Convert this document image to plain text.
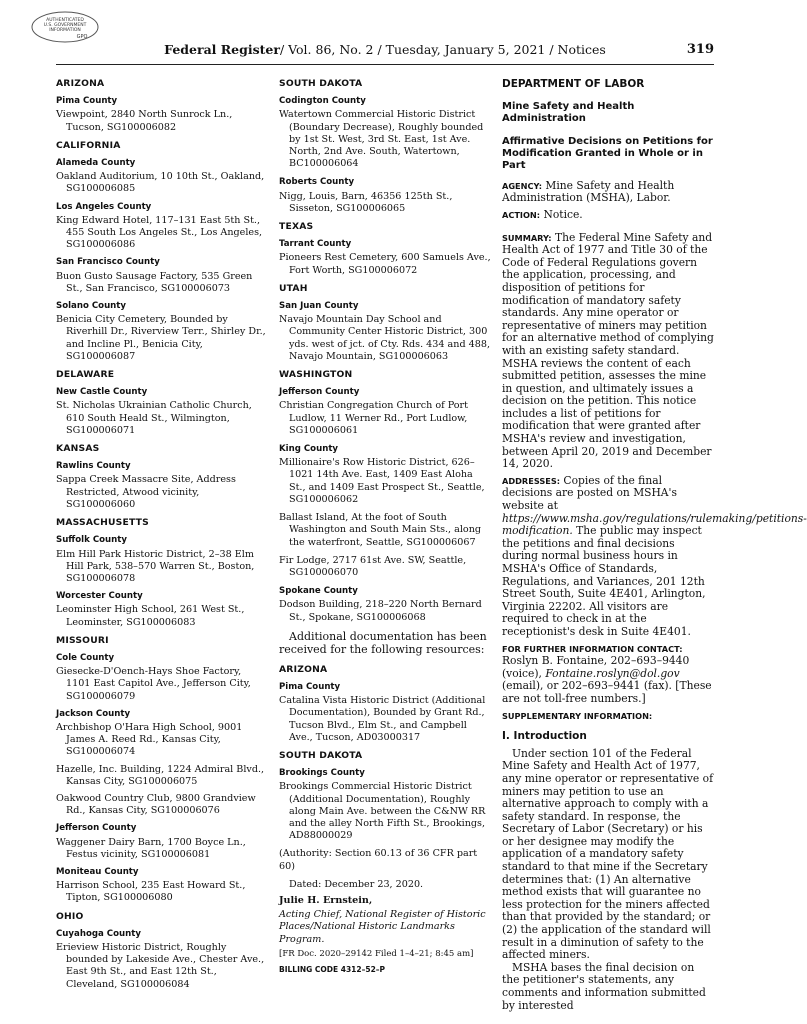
AUTHENTICATED
U.S. GOVERNMENT
INFORMATION
GPO
Federal Register/ Vol. 86, No. 2 / Tuesday, January 5, 2021 / Notices	319
ARIZONA
Pima County

Viewpoint, 2840 North Sunrock Ln., Tucson, SG100006082

CALIFORNIA
Alameda County

Oakland Auditorium, 10 10th St., Oakland, SG100006085

Los Angeles County

King Edward Hotel, 117–131 East 5th St., 455 South Los Angeles St., Los Angeles, SG100006086

San Francisco County

Buon Gusto Sausage Factory, 535 Green St., San Francisco, SG100006073

Solano County

Benicia City Cemetery, Bounded by Riverhill Dr., Riverview Terr., Shirley Dr., and Incline Pl., Benicia City, SG100006087

DELAWARE
New Castle County

St. Nicholas Ukrainian Catholic Church, 610 South Heald St., Wilmington, SG100006071

KANSAS
Rawlins County

Sappa Creek Massacre Site, Address Restricted, Atwood vicinity, SG100006060

MASSACHUSETTS
Suffolk County

Elm Hill Park Historic District, 2–38 Elm Hill Park, 538–570 Warren St., Boston, SG100006078

Worcester County

Leominster High School, 261 West St., Leominster, SG100006083

MISSOURI
Cole County

Giesecke-D'Oench-Hays Shoe Factory, 1101 East Capitol Ave., Jefferson City, SG100006079

Jackson County

Archbishop O'Hara High School, 9001 James A. Reed Rd., Kansas City, SG100006074

Hazelle, Inc. Building, 1224 Admiral Blvd., Kansas City, SG100006075

Oakwood Country Club, 9800 Grandview Rd., Kansas City, SG100006076

Jefferson County

Waggener Dairy Barn, 1700 Boyce Ln., Festus vicinity, SG100006081

Moniteau County

Harrison School, 235 East Howard St., Tipton, SG100006080

OHIO
Cuyahoga County

Erieview Historic District, Roughly bounded by Lakeside Ave., Chester Ave., East 9th St., and East 12th St., Cleveland, SG100006084

SOUTH DAKOTA
Codington County

Watertown Commercial Historic District (Boundary Decrease), Roughly bounded by 1st St. West, 3rd St. East, 1st Ave. North, 2nd Ave. South, Watertown, BC100006064

Roberts County

Nigg, Louis, Barn, 46356 125th St., Sisseton, SG100006065

TEXAS
Tarrant County

Pioneers Rest Cemetery, 600 Samuels Ave., Fort Worth, SG100006072

UTAH
San Juan County

Navajo Mountain Day School and Community Center Historic District, 300 yds. west of jct. of Cty. Rds. 434 and 488, Navajo Mountain, SG100006063

WASHINGTON
Jefferson County

Christian Congregation Church of Port Ludlow, 11 Werner Rd., Port Ludlow, SG100006061

King County

Millionaire's Row Historic District, 626–1021 14th Ave. East, 1409 East Aloha St., and 1409 East Prospect St., Seattle, SG100006062

Ballast Island, At the foot of South Washington and South Main Sts., along the waterfront, Seattle, SG100006067

Fir Lodge, 2717 61st Ave. SW, Seattle, SG100006070

Spokane County

Dodson Building, 218–220 North Bernard St., Spokane, SG100006068

Additional documentation has been received for the following resources:

ARIZONA
Pima County

Catalina Vista Historic District (Additional Documentation), Bounded by Grant Rd., Tucson Blvd., Elm St., and Campbell Ave., Tucson, AD03000317

SOUTH DAKOTA
Brookings County

Brookings Commercial Historic District (Additional Documentation), Roughly along Main Ave. between the C&NW RR and the alley North Fifth St., Brookings, AD88000029

(Authority: Section 60.13 of 36 CFR part 60)

Dated: December 23, 2020.

Julie H. Ernstein,

Acting Chief, National Register of Historic Places/National Historic Landmarks Program.

[FR Doc. 2020–29142 Filed 1–4–21; 8:45 am]

BILLING CODE 4312–52–P
DEPARTMENT OF LABOR
Mine Safety and Health Administration
Affirmative Decisions on Petitions for Modification Granted in Whole or in Part

AGENCY: Mine Safety and Health Administration (MSHA), Labor.

ACTION: Notice.

SUMMARY: The Federal Mine Safety and Health Act of 1977 and Title 30 of the Code of Federal Regulations govern the application, processing, and disposition of petitions for modification of mandatory safety standards. Any mine operator or representative of miners may petition for an alternative method of complying with an existing safety standard. MSHA reviews the content of each submitted petition, assesses the mine in question, and ultimately issues a decision on the petition. This notice includes a list of petitions for modification that were granted after MSHA's review and investigation, between April 20, 2019 and December 14, 2020.

ADDRESSES: Copies of the final decisions are posted on MSHA's website at https://www.msha.gov/regulations/rulemaking/petitions-modification. The public may inspect the petitions and final decisions during normal business hours in MSHA's Office of Standards, Regulations, and Variances, 201 12th Street South, Suite 4E401, Arlington, Virginia 22202. All visitors are required to check in at the receptionist's desk in Suite 4E401.

FOR FURTHER INFORMATION CONTACT:
Roslyn B. Fontaine, 202–693–9440 (voice), Fontaine.roslyn@dol.gov (email), or 202–693–9441 (fax). [These are not toll-free numbers.]

SUPPLEMENTARY INFORMATION:

I. Introduction

Under section 101 of the Federal Mine Safety and Health Act of 1977, any mine operator or representative of miners may petition to use an alternative approach to comply with a safety standard. In response, the Secretary of Labor (Secretary) or his or her designee may modify the application of a mandatory safety standard to that mine if the Secretary determines that: (1) An alternative method exists that will guarantee no less protection for the miners affected than that provided by the standard; or (2) the application of the standard will result in a diminution of safety to the affected miners.

MSHA bases the final decision on the petitioner's statements, any comments and information submitted by interested
